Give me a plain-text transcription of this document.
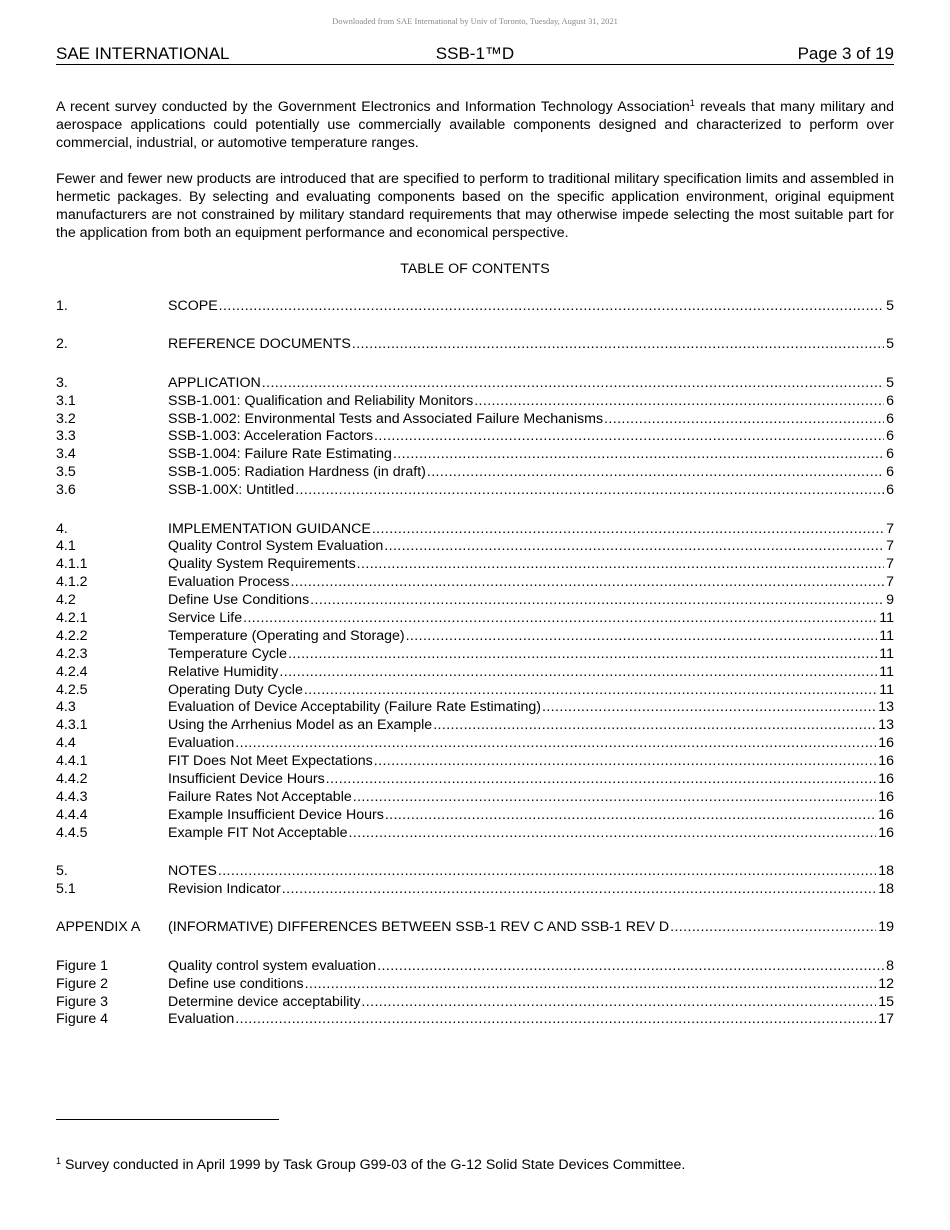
Downloaded from SAE International by Univ of Toronto, Tuesday, August 31, 2021
SAE INTERNATIONAL	SSB-1™D	Page 3 of 19

A recent survey conducted by the Government Electronics and Information Technology Association$^1$ reveals that many military and aerospace applications could potentially use commercially available components designed and characterized to perform over commercial, industrial, or automotive temperature ranges.

Fewer and fewer new products are introduced that are specified to perform to traditional military specification limits and assembled in hermetic packages. By selecting and evaluating components based on the specific application environment, original equipment manufacturers are not constrained by military standard requirements that may otherwise impede selecting the most suitable part for the application from both an equipment performance and economical perspective.

TABLE OF CONTENTS
1.	SCOPE .....	5
2.	REFERENCE DOCUMENTS .....	5
3.	APPLICATION .....	5
3.1	SSB-1.001: Qualification and Reliability Monitors .....	6
3.2	SSB-1.002: Environmental Tests and Associated Failure Mechanisms .....	6
3.3	SSB-1.003: Acceleration Factors .....	6
3.4	SSB-1.004: Failure Rate Estimating .....	6
3.5	SSB-1.005: Radiation Hardness (in draft) .....	6
3.6	SSB-1.00X: Untitled .....	6
4.	IMPLEMENTATION GUIDANCE .....	7
4.1	Quality Control System Evaluation .....	7
4.1.1	Quality System Requirements .....	7
4.1.2	Evaluation Process .....	7
4.2	Define Use Conditions .....	9
4.2.1	Service Life .....	11
4.2.2	Temperature (Operating and Storage) .....	11
4.2.3	Temperature Cycle .....	11
4.2.4	Relative Humidity .....	11
4.2.5	Operating Duty Cycle .....	11
4.3	Evaluation of Device Acceptability (Failure Rate Estimating) .....	13
4.3.1	Using the Arrhenius Model as an Example .....	13
4.4	Evaluation .....	16
4.4.1	FIT Does Not Meet Expectations .....	16
4.4.2	Insufficient Device Hours .....	16
4.4.3	Failure Rates Not Acceptable .....	16
4.4.4	Example Insufficient Device Hours .....	16
4.4.5	Example FIT Not Acceptable .....	16
5.	NOTES .....	18
5.1	Revision Indicator .....	18
APPENDIX A	(INFORMATIVE) DIFFERENCES BETWEEN SSB-1 REV C AND SSB-1 REV D .....	19
Figure 1	Quality control system evaluation .....	8
Figure 2	Define use conditions .....	12
Figure 3	Determine device acceptability .....	15
Figure 4	Evaluation .....	17
$^1$ Survey conducted in April 1999 by Task Group G99-03 of the G-12 Solid State Devices Committee.
